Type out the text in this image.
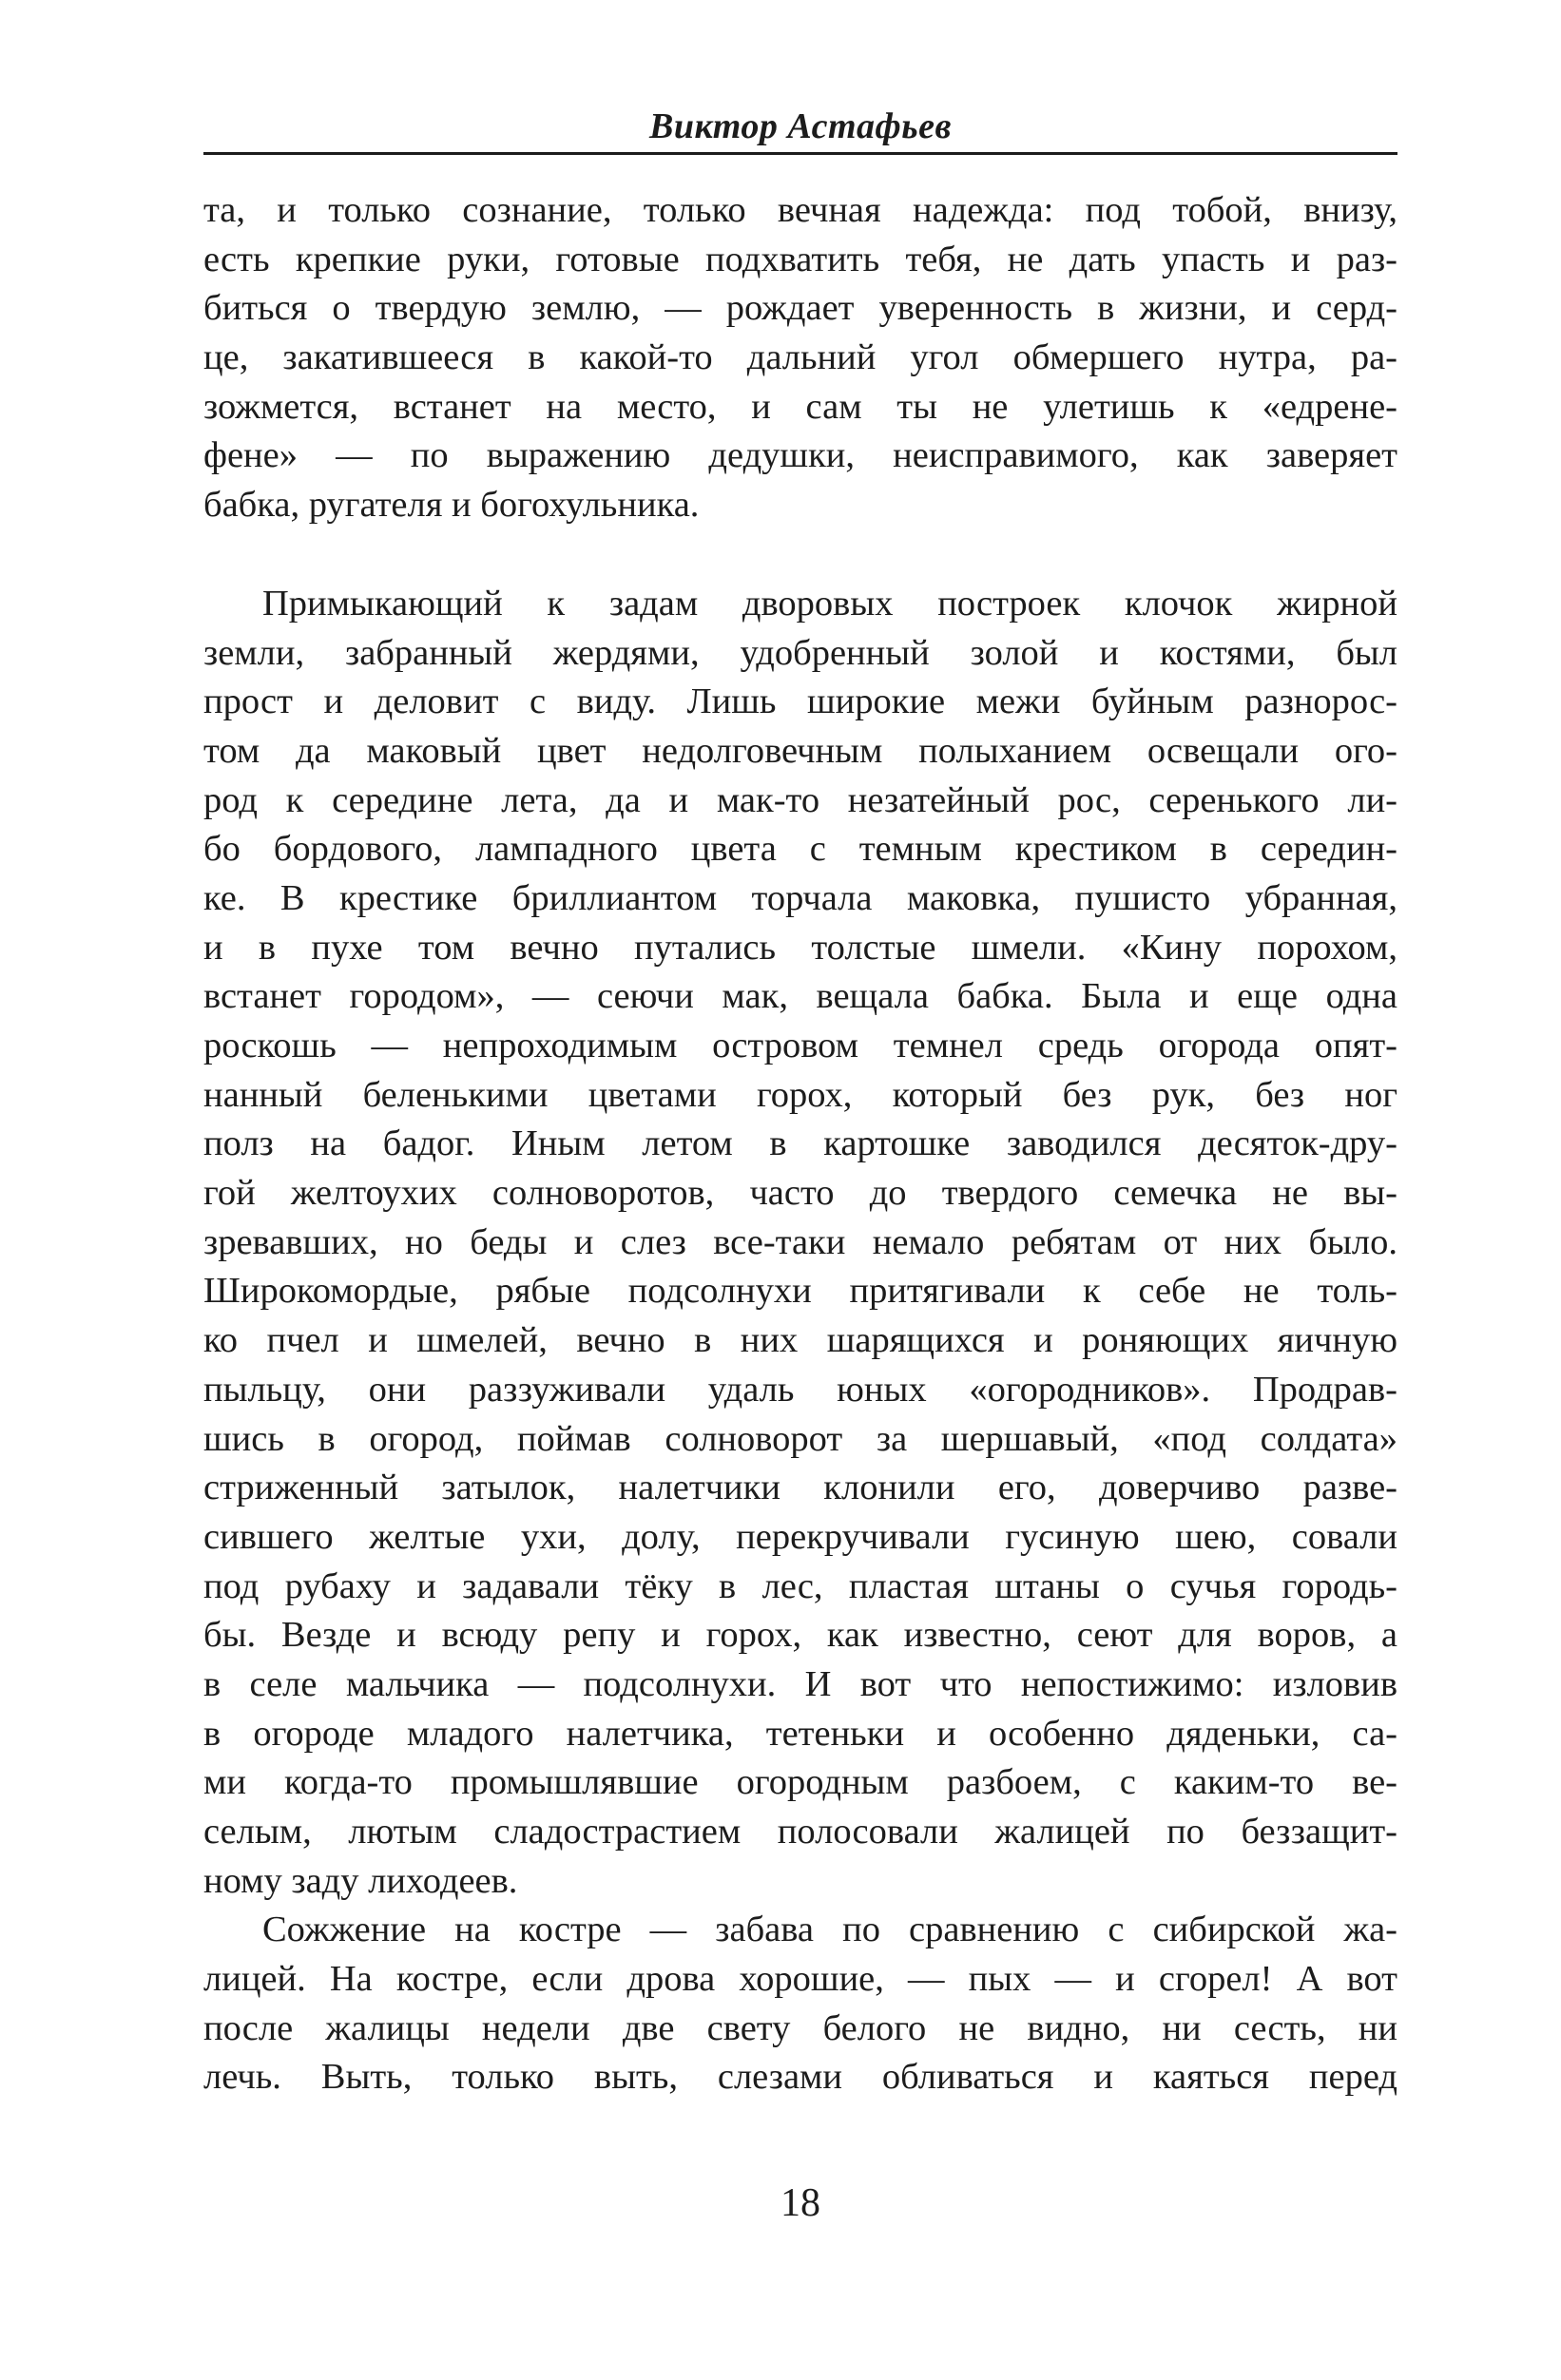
Виктор Астафьев
та, и только сознание, только вечная надежда: под тобой, внизу,
есть крепкие руки, готовые подхватить тебя, не дать упасть и раз-
биться о твердую землю, — рождает уверенность в жизни, и серд-
це, закатившееся в какой-то дальний угол обмершего нутра, ра-
зожмется, встанет на место, и сам ты не улетишь к «едрене-
фене» — по выражению дедушки, неисправимого, как заверяет
бабка, ругателя и богохульника.
Примыкающий к задам дворовых построек клочок жирной
земли, забранный жердями, удобренный золой и костями, был
прост и деловит с виду. Лишь широкие межи буйным разнорос-
том да маковый цвет недолговечным полыханием освещали ого-
род к середине лета, да и мак-то незатейный рос, серенького ли-
бо бордового, лампадного цвета с темным крестиком в середин-
ке. В крестике бриллиантом торчала маковка, пушисто убранная,
и в пухе том вечно путались толстые шмели. «Кину порохом,
встанет городом», — сеючи мак, вещала бабка. Была и еще одна
роскошь — непроходимым островом темнел средь огорода опят-
нанный беленькими цветами горох, который без рук, без ног
полз на бадог. Иным летом в картошке заводился десяток-дру-
гой желтоухих солноворотов, часто до твердого семечка не вы-
зревавших, но беды и слез все-таки немало ребятам от них было.
Широкомордые, рябые подсолнухи притягивали к себе не толь-
ко пчел и шмелей, вечно в них шарящихся и роняющих яичную
пыльцу, они раззуживали удаль юных «огородников». Продрав-
шись в огород, поймав солноворот за шершавый, «под солдата»
стриженный затылок, налетчики клонили его, доверчиво разве-
сившего желтые ухи, долу, перекручивали гусиную шею, совали
под рубаху и задавали тёку в лес, пластая штаны о сучья городь-
бы. Везде и всюду репу и горох, как известно, сеют для воров, а
в селе мальчика — подсолнухи. И вот что непостижимо: изловив
в огороде младого налетчика, тетеньки и особенно дяденьки, са-
ми когда-то промышлявшие огородным разбоем, с каким-то ве-
селым, лютым сладострастием полосовали жалицей по беззащит-
ному заду лиходеев.
Сожжение на костре — забава по сравнению с сибирской жа-
лицей. На костре, если дрова хорошие, — пых — и сгорел! А вот
после жалицы недели две свету белого не видно, ни сесть, ни
лечь. Выть, только выть, слезами обливаться и каяться перед
18
